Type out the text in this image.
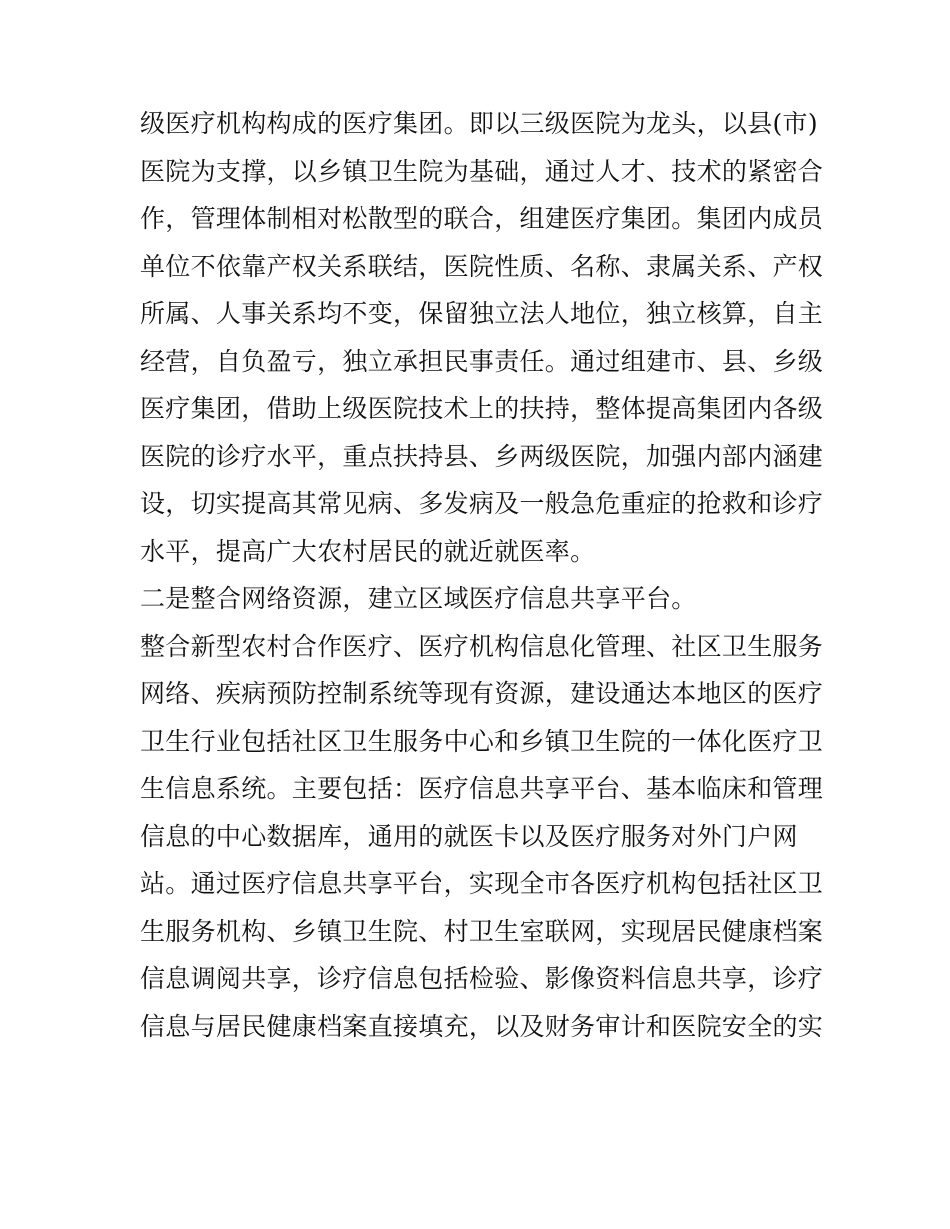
级医疗机构构成的医疗集团。即以三级医院为龙头，以县(市)
医院为支撑，以乡镇卫生院为基础，通过人才、技术的紧密合
作，管理体制相对松散型的联合，组建医疗集团。集团内成员
单位不依靠产权关系联结，医院性质、名称、隶属关系、产权
所属、人事关系均不变，保留独立法人地位，独立核算，自主
经营，自负盈亏，独立承担民事责任。通过组建市、县、乡级
医疗集团，借助上级医院技术上的扶持，整体提高集团内各级
医院的诊疗水平，重点扶持县、乡两级医院，加强内部内涵建
设，切实提高其常见病、多发病及一般急危重症的抢救和诊疗
水平，提高广大农村居民的就近就医率。
二是整合网络资源，建立区域医疗信息共享平台。
整合新型农村合作医疗、医疗机构信息化管理、社区卫生服务
网络、疾病预防控制系统等现有资源，建设通达本地区的医疗
卫生行业包括社区卫生服务中心和乡镇卫生院的一体化医疗卫
生信息系统。主要包括：医疗信息共享平台、基本临床和管理
信息的中心数据库，通用的就医卡以及医疗服务对外门户网
站。通过医疗信息共享平台，实现全市各医疗机构包括社区卫
生服务机构、乡镇卫生院、村卫生室联网，实现居民健康档案
信息调阅共享，诊疗信息包括检验、影像资料信息共享，诊疗
信息与居民健康档案直接填充，以及财务审计和医院安全的实
